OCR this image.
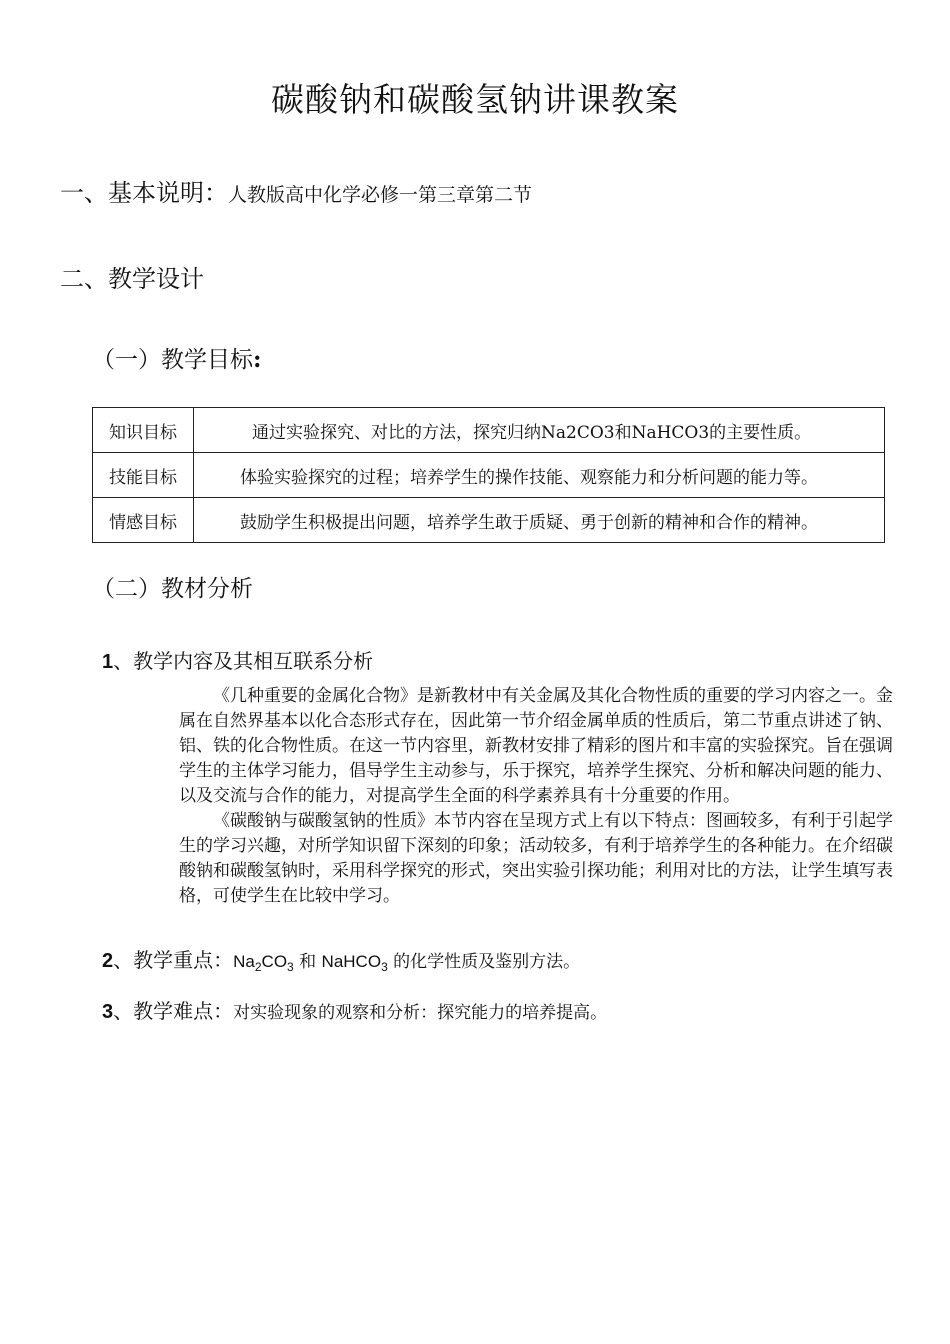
碳酸钠和碳酸氢钠讲课教案
一、基本说明：人教版高中化学必修一第三章第二节
二、教学设计
（一）教学目标:
知识目标	通过实验探究、对比的方法，探究归纳Na2CO3和NaHCO3的主要性质。
技能目标	体验实验探究的过程；培养学生的操作技能、观察能力和分析问题的能力等。
情感目标	鼓励学生积极提出问题，培养学生敢于质疑、勇于创新的精神和合作的精神。
（二）教材分析
1、教学内容及其相互联系分析

《几种重要的金属化合物》是新教材中有关金属及其化合物性质的重要的学习内容之一。金属在自然界基本以化合态形式存在，因此第一节介绍金属单质的性质后，第二节重点讲述了钠、铝、铁的化合物性质。在这一节内容里，新教材安排了精彩的图片和丰富的实验探究。旨在强调学生的主体学习能力，倡导学生主动参与，乐于探究，培养学生探究、分析和解决问题的能力、以及交流与合作的能力，对提高学生全面的科学素养具有十分重要的作用。

《碳酸钠与碳酸氢钠的性质》本节内容在呈现方式上有以下特点：图画较多，有利于引起学生的学习兴趣，对所学知识留下深刻的印象；活动较多，有利于培养学生的各种能力。在介绍碳酸钠和碳酸氢钠时，采用科学探究的形式，突出实验引探功能；利用对比的方法，让学生填写表格，可使学生在比较中学习。

2、教学重点：$Na_2CO_3$ 和 NaHCO$_3$ 的化学性质及鉴别方法。
3、教学难点：对实验现象的观察和分析：探究能力的培养提高。
